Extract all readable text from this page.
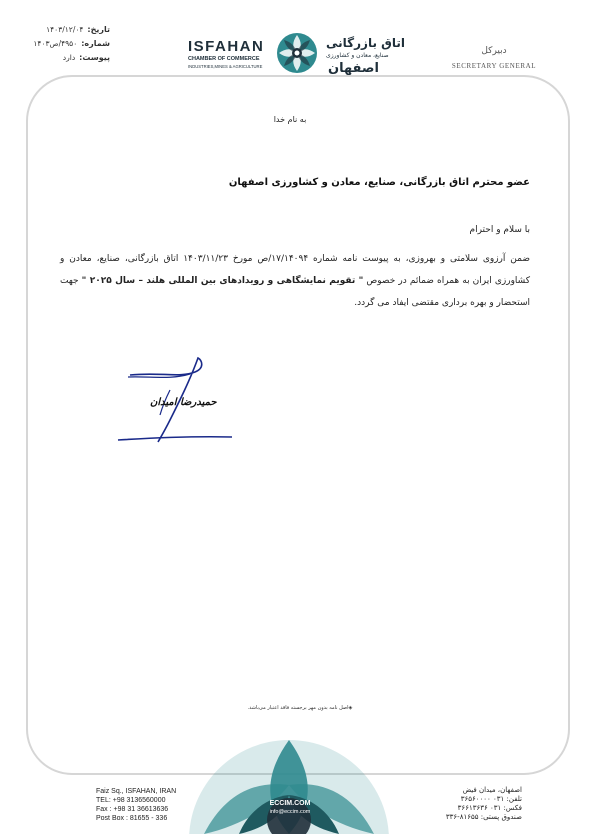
تاریخ:
۱۴۰۳/۱۲/۰۴
شماره:
۴۹۵۰/ص۱۴۰۳
پیوست:
دارد
ISFAHAN
CHAMBER OF COMMERCE
INDUSTRIES,MINES & AGRICULTURE
اتاق بازرگانی
صنایع، معادن و کشاورزی
اصفهان
دبیرکل
SECRETARY GENERAL
به نام خدا
عضو محترم اتاق بازرگانی، صنایع، معادن و کشاورزی اصفهان
با سلام و احترام
ضمن آرزوی سلامتی و بهروزی، به پیوست نامه شماره ۱۷/۱۴۰۹۴/ص مورخ ۱۴۰۳/۱۱/۲۳ اتاق بازرگانی، صنایع، معادن و کشاورزی ایران به همراه ضمائم در خصوص " تقویم نمایشگاهی و رویدادهای بین المللی هلند – سال ۲۰۲۵ " جهت استحضار و بهره برداری مقتضی ایفاد می گردد.
حمیدرضا امیدان
◈اصل نامه بدون مهر برجسته فاقد اعتبار می‌باشد.
ECCIM.COM
info@eccim.com
Faiz Sq., ISFAHAN, IRAN
TEL: +98 3136560000
Fax : +98 31 36613636
Post Box : 81655 - 336
اصفهان، میدان فیض
تلفن: ۰۳۱ ۳۶۵۶۰۰۰۰
فکس: ۰۳۱ ۳۶۶۱۳۶۳۶
صندوق پستی: ۸۱۶۵۵-۳۳۶
